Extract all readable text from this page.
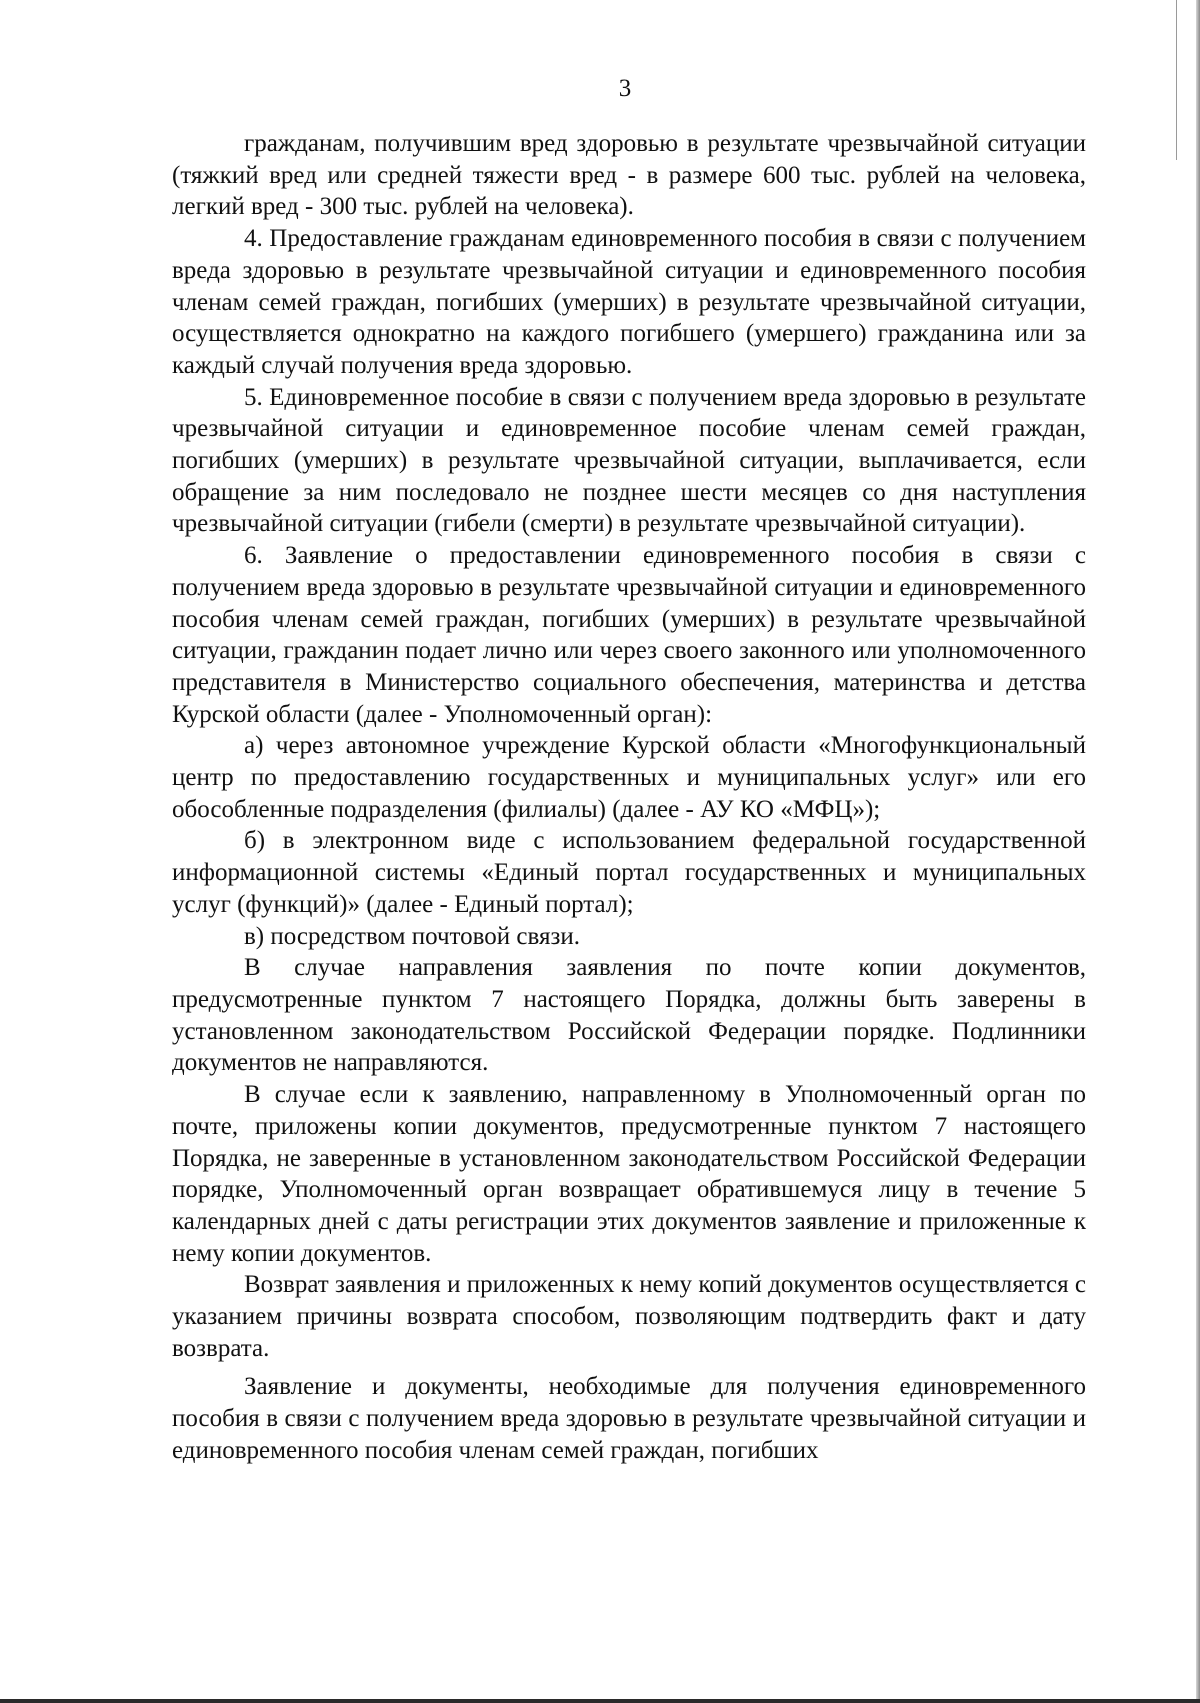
3

гражданам, получившим вред здоровью в результате чрезвычайной ситуации (тяжкий вред или средней тяжести вред - в размере 600 тыс. рублей на человека, легкий вред - 300 тыс. рублей на человека).

4. Предоставление гражданам единовременного пособия в связи с получением вреда здоровью в результате чрезвычайной ситуации и единовременного пособия членам семей граждан, погибших (умерших) в результате чрезвычайной ситуации, осуществляется однократно на каждого погибшего (умершего) гражданина или за каждый случай получения вреда здоровью.

5. Единовременное пособие в связи с получением вреда здоровью в результате чрезвычайной ситуации и единовременное пособие членам семей граждан, погибших (умерших) в результате чрезвычайной ситуации, выплачивается, если обращение за ним последовало не позднее шести месяцев со дня наступления чрезвычайной ситуации (гибели (смерти) в результате чрезвычайной ситуации).

6. Заявление о предоставлении единовременного пособия в связи с получением вреда здоровью в результате чрезвычайной ситуации и единовременного пособия членам семей граждан, погибших (умерших) в результате чрезвычайной ситуации, гражданин подает лично или через своего законного или уполномоченного представителя в Министерство социального обеспечения, материнства и детства Курской области (далее - Уполномоченный орган):

а) через автономное учреждение Курской области «Многофункциональный центр по предоставлению государственных и муниципальных услуг» или его обособленные подразделения (филиалы) (далее - АУ КО «МФЦ»);

б) в электронном виде с использованием федеральной государственной информационной системы «Единый портал государственных и муниципальных услуг (функций)» (далее - Единый портал);

в) посредством почтовой связи.

В случае направления заявления по почте копии документов, предусмотренные пунктом 7 настоящего Порядка, должны быть заверены в установленном законодательством Российской Федерации порядке. Подлинники документов не направляются.

В случае если к заявлению, направленному в Уполномоченный орган по почте, приложены копии документов, предусмотренные пунктом 7 настоящего Порядка, не заверенные в установленном законодательством Российской Федерации порядке, Уполномоченный орган возвращает обратившемуся лицу в течение 5 календарных дней с даты регистрации этих документов заявление и приложенные к нему копии документов.

Возврат заявления и приложенных к нему копий документов осуществляется с указанием причины возврата способом, позволяющим подтвердить факт и дату возврата.

Заявление и документы, необходимые для получения единовременного пособия в связи с получением вреда здоровью в результате чрезвычайной ситуации и единовременного пособия членам семей граждан, погибших
